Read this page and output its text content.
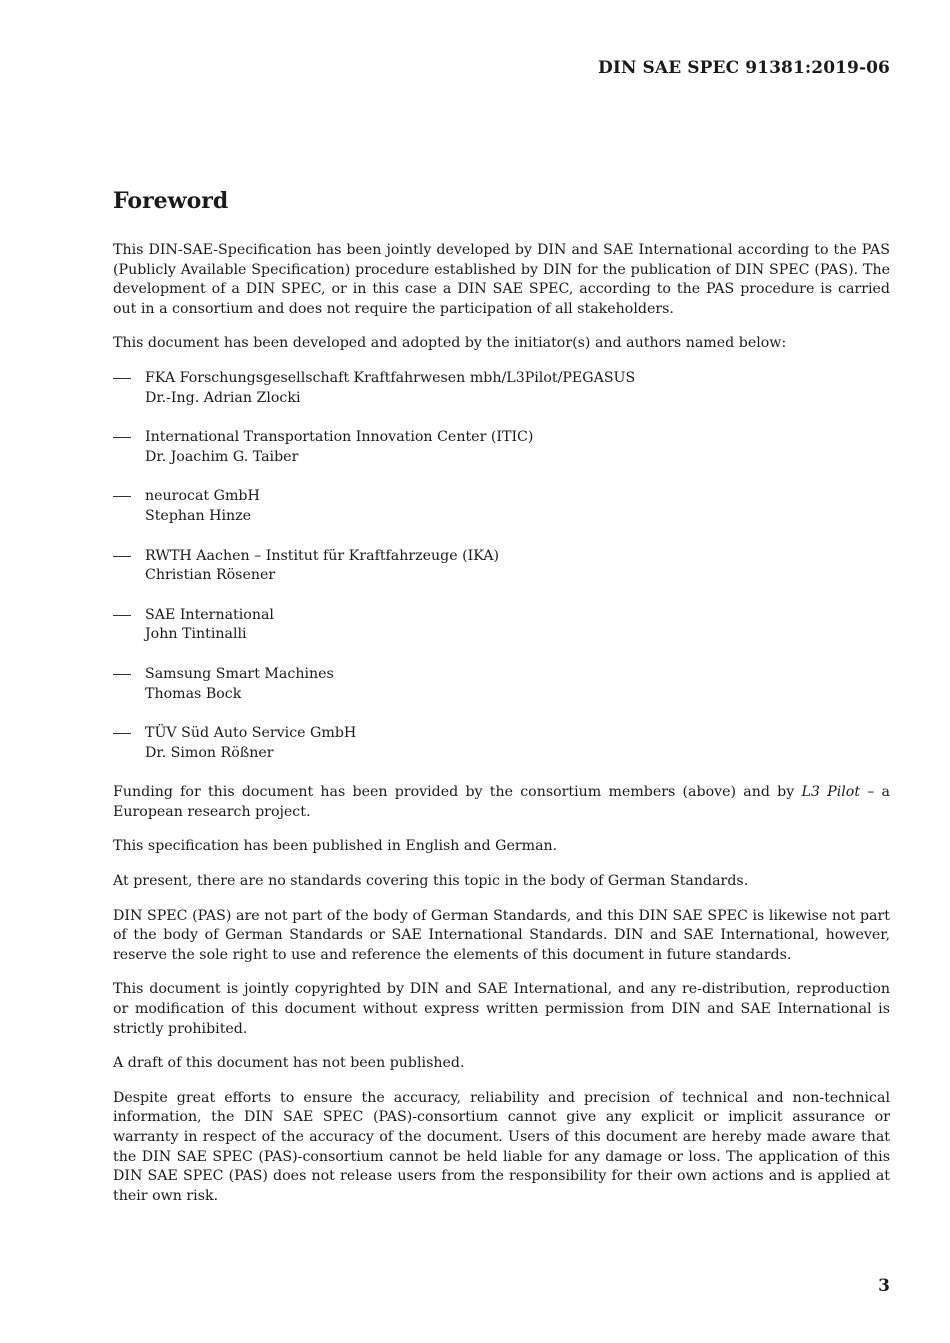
DIN SAE SPEC 91381:2019-06
Foreword

This DIN-SAE-Specification has been jointly developed by DIN and SAE International according to the PAS (Publicly Available Specification) procedure established by DIN for the publication of DIN SPEC (PAS). The development of a DIN SPEC, or in this case a DIN SAE SPEC, according to the PAS procedure is carried out in a consortium and does not require the participation of all stakeholders.

This document has been developed and adopted by the initiator(s) and authors named below:

FKA Forschungsgesellschaft Kraftfahrwesen mbh/L3Pilot/PEGASUS
Dr.-Ing. Adrian Zlocki
International Transportation Innovation Center (ITIC)
Dr. Joachim G. Taiber
neurocat GmbH
Stephan Hinze
RWTH Aachen – Institut für Kraftfahrzeuge (IKA)
Christian Rösener
SAE International
John Tintinalli
Samsung Smart Machines
Thomas Bock
TÜV Süd Auto Service GmbH
Dr. Simon Rößner

Funding for this document has been provided by the consortium members (above) and by L3 Pilot – a European research project.

This specification has been published in English and German.

At present, there are no standards covering this topic in the body of German Standards.

DIN SPEC (PAS) are not part of the body of German Standards, and this DIN SAE SPEC is likewise not part of the body of German Standards or SAE International Standards. DIN and SAE International, however, reserve the sole right to use and reference the elements of this document in future standards.

This document is jointly copyrighted by DIN and SAE International, and any re-distribution, reproduction or modification of this document without express written permission from DIN and SAE International is strictly prohibited.

A draft of this document has not been published.

Despite great efforts to ensure the accuracy, reliability and precision of technical and non-technical information, the DIN SAE SPEC (PAS)-consortium cannot give any explicit or implicit assurance or warranty in respect of the accuracy of the document. Users of this document are hereby made aware that the DIN SAE SPEC (PAS)-consortium cannot be held liable for any damage or loss. The application of this DIN SAE SPEC (PAS) does not release users from the responsibility for their own actions and is applied at their own risk.

3
